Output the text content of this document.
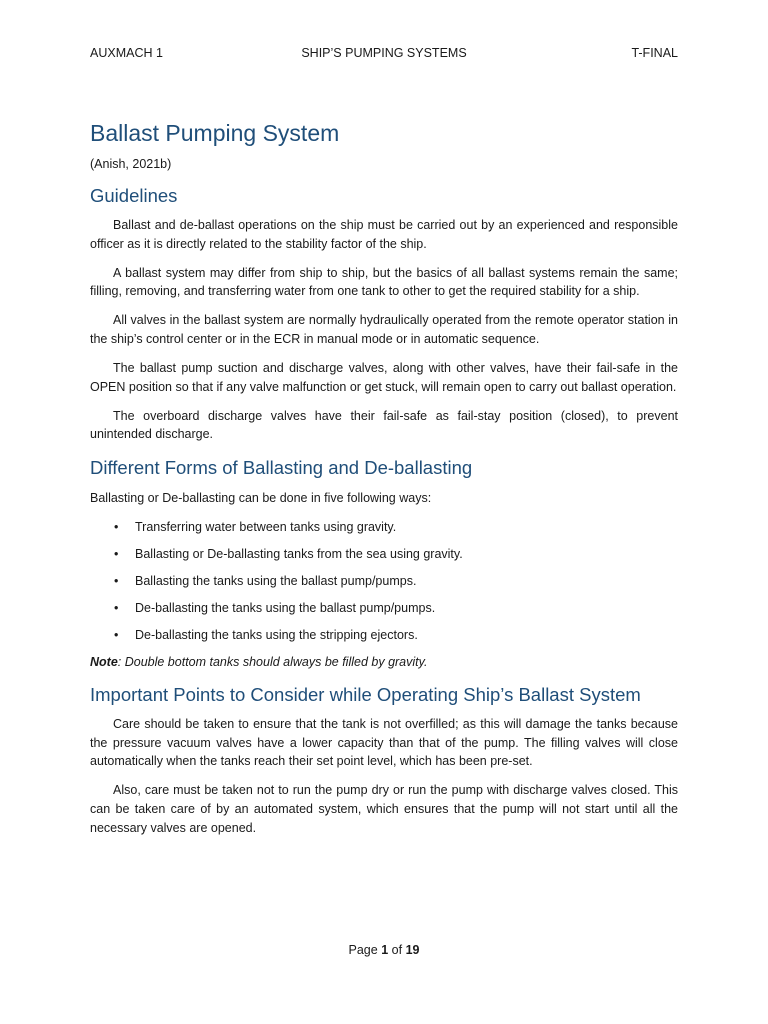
AUXMACH 1	SHIP’S PUMPING SYSTEMS	T-FINAL
Ballast Pumping System
(Anish, 2021b)
Guidelines

Ballast and de-ballast operations on the ship must be carried out by an experienced and responsible officer as it is directly related to the stability factor of the ship.

A ballast system may differ from ship to ship, but the basics of all ballast systems remain the same; filling, removing, and transferring water from one tank to other to get the required stability for a ship.

All valves in the ballast system are normally hydraulically operated from the remote operator station in the ship’s control center or in the ECR in manual mode or in automatic sequence.

The ballast pump suction and discharge valves, along with other valves, have their fail-safe in the OPEN position so that if any valve malfunction or get stuck, will remain open to carry out ballast operation.

The overboard discharge valves have their fail-safe as fail-stay position (closed), to prevent unintended discharge.

Different Forms of Ballasting and De-ballasting

Ballasting or De-ballasting can be done in five following ways:

• Transferring water between tanks using gravity.
• Ballasting or De-ballasting tanks from the sea using gravity.
• Ballasting the tanks using the ballast pump/pumps.
• De-ballasting the tanks using the ballast pump/pumps.
• De-ballasting the tanks using the stripping ejectors.
Note: Double bottom tanks should always be filled by gravity.
Important Points to Consider while Operating Ship’s Ballast System

Care should be taken to ensure that the tank is not overfilled; as this will damage the tanks because the pressure vacuum valves have a lower capacity than that of the pump. The filling valves will close automatically when the tanks reach their set point level, which has been pre-set.

Also, care must be taken not to run the pump dry or run the pump with discharge valves closed. This can be taken care of by an automated system, which ensures that the pump will not start until all the necessary valves are opened.

Page 1 of 19
